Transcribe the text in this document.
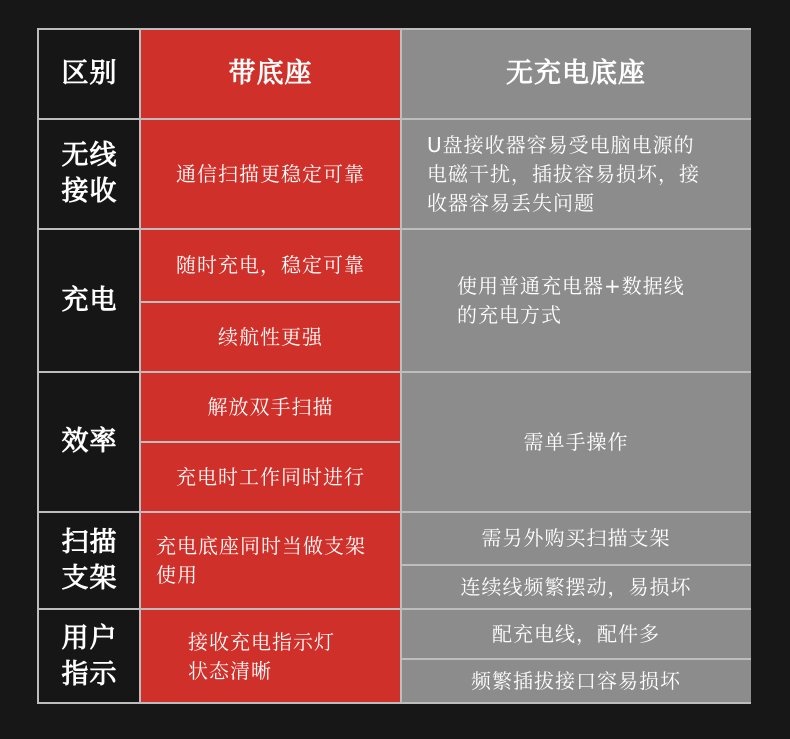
区别	带底座	无充电底座
无线
接收
通信扫描更稳定可靠
U盘接收器容易受电脑电源的
电磁干扰，插拔容易损坏，接
收器容易丢失问题
充电
随时充电，稳定可靠
续航性更强
使用普通充电器+数据线
的充电方式
效率
解放双手扫描
充电时工作同时进行
需单手操作
扫描
支架
充电底座同时当做支架
使用
需另外购买扫描支架
连续线频繁摆动，易损坏
用户
指示
接收充电指示灯
状态清晰
配充电线，配件多
频繁插拔接口容易损坏
